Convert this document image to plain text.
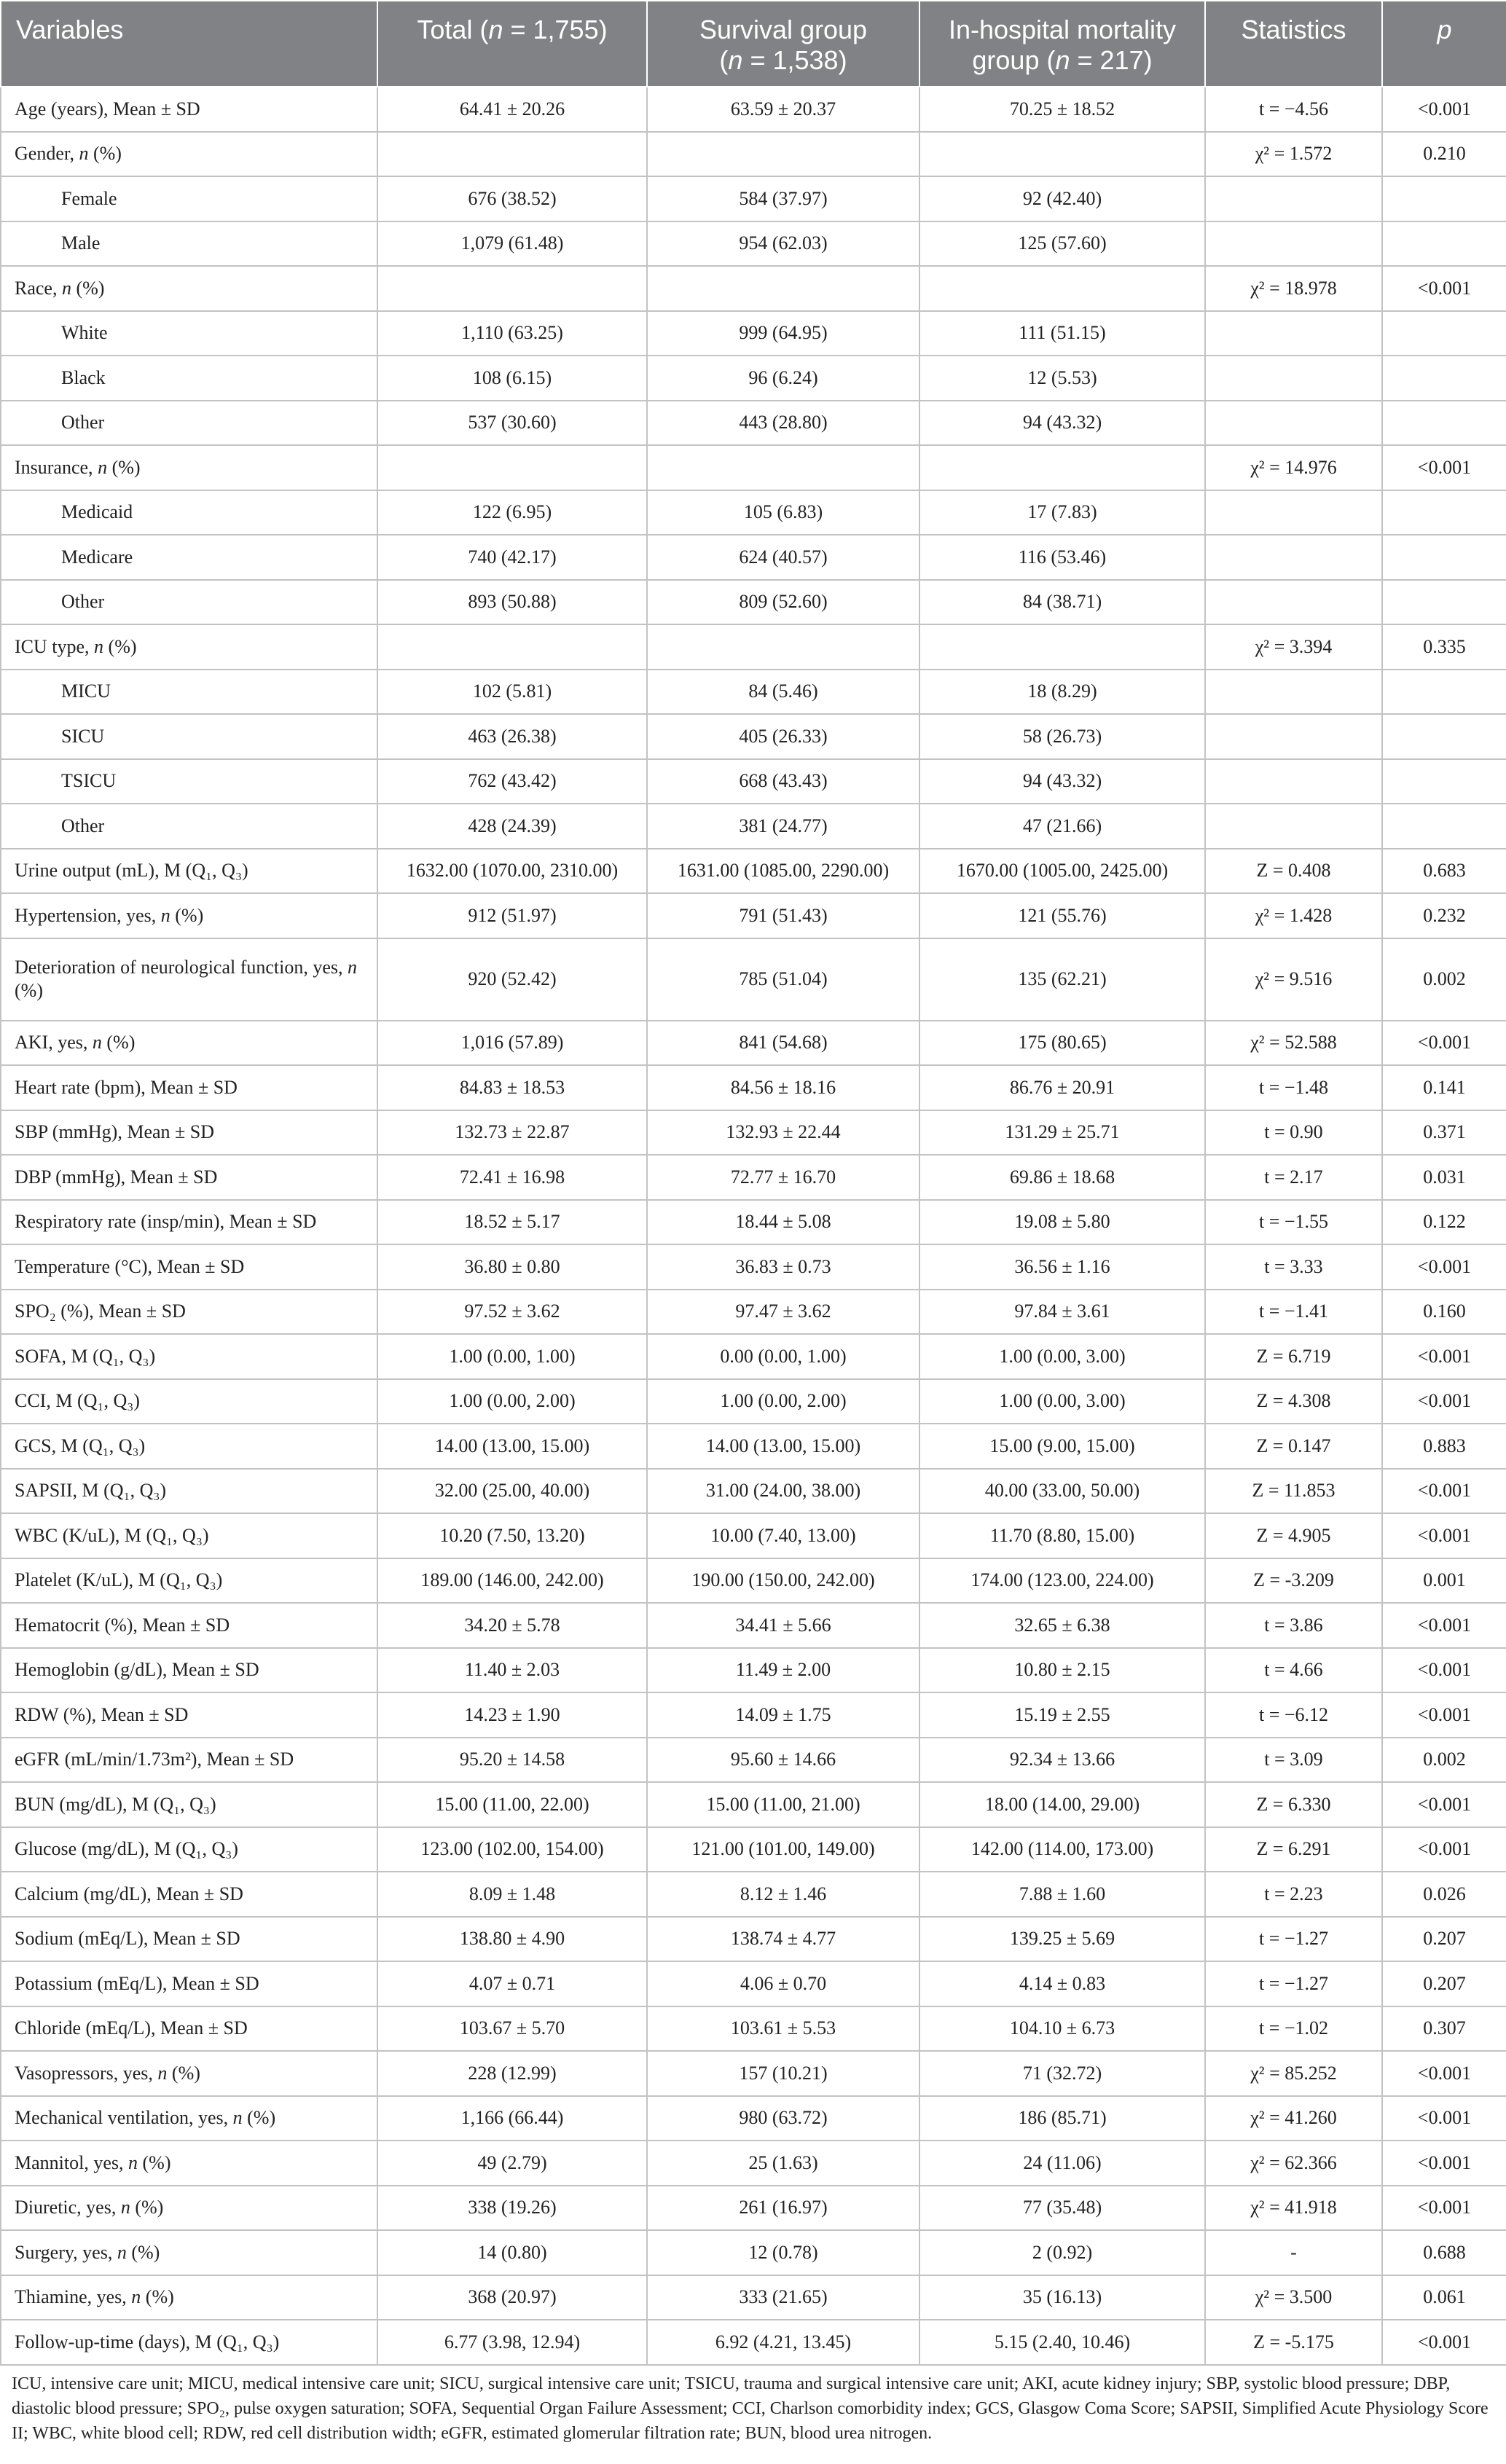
Variables	Total (n = 1,755)	Survival group
(n = 1,538)	In-hospital mortality
group (n = 217)	Statistics	p
Age (years), Mean ± SD	64.41 ± 20.26	63.59 ± 20.37	70.25 ± 18.52	t = −4.56	<0.001
Gender, n (%)				χ² = 1.572	0.210
Female	676 (38.52)	584 (37.97)	92 (42.40)		
Male	1,079 (61.48)	954 (62.03)	125 (57.60)		
Race, n (%)				χ² = 18.978	<0.001
White	1,110 (63.25)	999 (64.95)	111 (51.15)		
Black	108 (6.15)	96 (6.24)	12 (5.53)		
Other	537 (30.60)	443 (28.80)	94 (43.32)		
Insurance, n (%)				χ² = 14.976	<0.001
Medicaid	122 (6.95)	105 (6.83)	17 (7.83)		
Medicare	740 (42.17)	624 (40.57)	116 (53.46)		
Other	893 (50.88)	809 (52.60)	84 (38.71)		
ICU type, n (%)				χ² = 3.394	0.335
MICU	102 (5.81)	84 (5.46)	18 (8.29)		
SICU	463 (26.38)	405 (26.33)	58 (26.73)		
TSICU	762 (43.42)	668 (43.43)	94 (43.32)		
Other	428 (24.39)	381 (24.77)	47 (21.66)		
Urine output (mL), M (Q₁, Q₃)	1632.00 (1070.00, 2310.00)	1631.00 (1085.00, 2290.00)	1670.00 (1005.00, 2425.00)	Z = 0.408	0.683
Hypertension, yes, n (%)	912 (51.97)	791 (51.43)	121 (55.76)	χ² = 1.428	0.232
Deterioration of neurological function, yes, n (%)	920 (52.42)	785 (51.04)	135 (62.21)	χ² = 9.516	0.002
AKI, yes, n (%)	1,016 (57.89)	841 (54.68)	175 (80.65)	χ² = 52.588	<0.001
Heart rate (bpm), Mean ± SD	84.83 ± 18.53	84.56 ± 18.16	86.76 ± 20.91	t = −1.48	0.141
SBP (mmHg), Mean ± SD	132.73 ± 22.87	132.93 ± 22.44	131.29 ± 25.71	t = 0.90	0.371
DBP (mmHg), Mean ± SD	72.41 ± 16.98	72.77 ± 16.70	69.86 ± 18.68	t = 2.17	0.031
Respiratory rate (insp/min), Mean ± SD	18.52 ± 5.17	18.44 ± 5.08	19.08 ± 5.80	t = −1.55	0.122
Temperature (°C), Mean ± SD	36.80 ± 0.80	36.83 ± 0.73	36.56 ± 1.16	t = 3.33	<0.001
SPO₂ (%), Mean ± SD	97.52 ± 3.62	97.47 ± 3.62	97.84 ± 3.61	t = −1.41	0.160
SOFA, M (Q₁, Q₃)	1.00 (0.00, 1.00)	0.00 (0.00, 1.00)	1.00 (0.00, 3.00)	Z = 6.719	<0.001
CCI, M (Q₁, Q₃)	1.00 (0.00, 2.00)	1.00 (0.00, 2.00)	1.00 (0.00, 3.00)	Z = 4.308	<0.001
GCS, M (Q₁, Q₃)	14.00 (13.00, 15.00)	14.00 (13.00, 15.00)	15.00 (9.00, 15.00)	Z = 0.147	0.883
SAPSII, M (Q₁, Q₃)	32.00 (25.00, 40.00)	31.00 (24.00, 38.00)	40.00 (33.00, 50.00)	Z = 11.853	<0.001
WBC (K/uL), M (Q₁, Q₃)	10.20 (7.50, 13.20)	10.00 (7.40, 13.00)	11.70 (8.80, 15.00)	Z = 4.905	<0.001
Platelet (K/uL), M (Q₁, Q₃)	189.00 (146.00, 242.00)	190.00 (150.00, 242.00)	174.00 (123.00, 224.00)	Z = -3.209	0.001
Hematocrit (%), Mean ± SD	34.20 ± 5.78	34.41 ± 5.66	32.65 ± 6.38	t = 3.86	<0.001
Hemoglobin (g/dL), Mean ± SD	11.40 ± 2.03	11.49 ± 2.00	10.80 ± 2.15	t = 4.66	<0.001
RDW (%), Mean ± SD	14.23 ± 1.90	14.09 ± 1.75	15.19 ± 2.55	t = −6.12	<0.001
eGFR (mL/min/1.73m²), Mean ± SD	95.20 ± 14.58	95.60 ± 14.66	92.34 ± 13.66	t = 3.09	0.002
BUN (mg/dL), M (Q₁, Q₃)	15.00 (11.00, 22.00)	15.00 (11.00, 21.00)	18.00 (14.00, 29.00)	Z = 6.330	<0.001
Glucose (mg/dL), M (Q₁, Q₃)	123.00 (102.00, 154.00)	121.00 (101.00, 149.00)	142.00 (114.00, 173.00)	Z = 6.291	<0.001
Calcium (mg/dL), Mean ± SD	8.09 ± 1.48	8.12 ± 1.46	7.88 ± 1.60	t = 2.23	0.026
Sodium (mEq/L), Mean ± SD	138.80 ± 4.90	138.74 ± 4.77	139.25 ± 5.69	t = −1.27	0.207
Potassium (mEq/L), Mean ± SD	4.07 ± 0.71	4.06 ± 0.70	4.14 ± 0.83	t = −1.27	0.207
Chloride (mEq/L), Mean ± SD	103.67 ± 5.70	103.61 ± 5.53	104.10 ± 6.73	t = −1.02	0.307
Vasopressors, yes, n (%)	228 (12.99)	157 (10.21)	71 (32.72)	χ² = 85.252	<0.001
Mechanical ventilation, yes, n (%)	1,166 (66.44)	980 (63.72)	186 (85.71)	χ² = 41.260	<0.001
Mannitol, yes, n (%)	49 (2.79)	25 (1.63)	24 (11.06)	χ² = 62.366	<0.001
Diuretic, yes, n (%)	338 (19.26)	261 (16.97)	77 (35.48)	χ² = 41.918	<0.001
Surgery, yes, n (%)	14 (0.80)	12 (0.78)	2 (0.92)	-	0.688
Thiamine, yes, n (%)	368 (20.97)	333 (21.65)	35 (16.13)	χ² = 3.500	0.061
Follow-up-time (days), M (Q₁, Q₃)	6.77 (3.98, 12.94)	6.92 (4.21, 13.45)	5.15 (2.40, 10.46)	Z = -5.175	<0.001
ICU, intensive care unit; MICU, medical intensive care unit; SICU, surgical intensive care unit; TSICU, trauma and surgical intensive care unit; AKI, acute kidney injury; SBP, systolic blood pressure; DBP, diastolic blood pressure; SPO₂, pulse oxygen saturation; SOFA, Sequential Organ Failure Assessment; CCI, Charlson comorbidity index; GCS, Glasgow Coma Score; SAPSII, Simplified Acute Physiology Score II; WBC, white blood cell; RDW, red cell distribution width; eGFR, estimated glomerular filtration rate; BUN, blood urea nitrogen.
